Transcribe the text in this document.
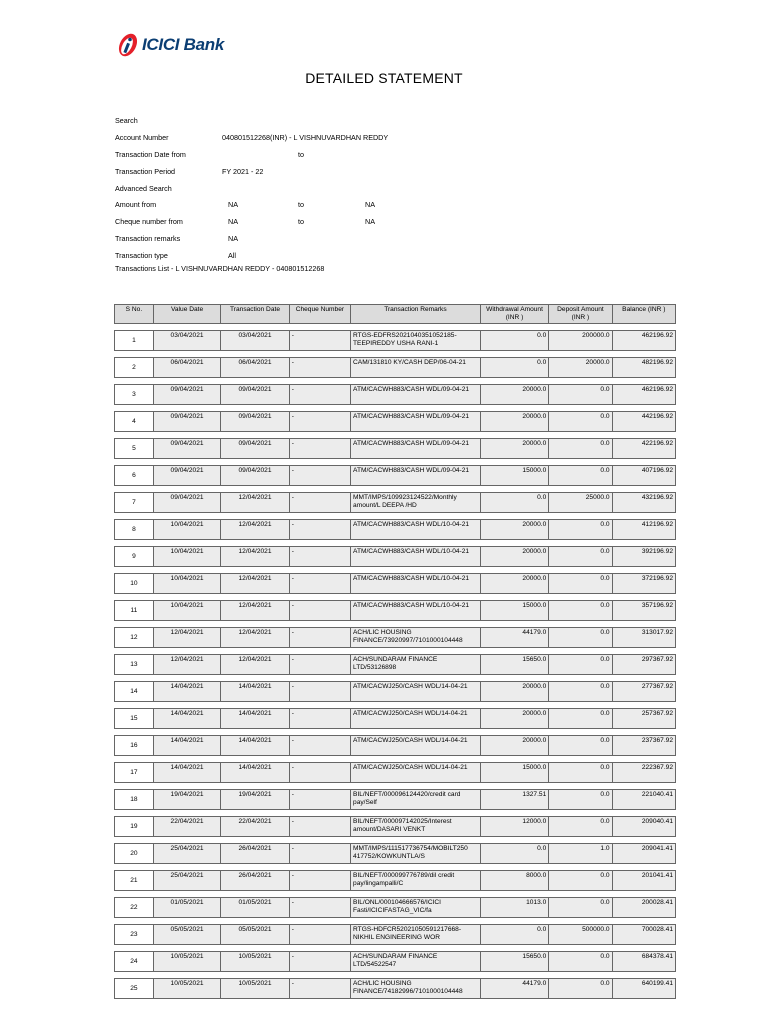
ICICI Bank
DETAILED STATEMENT
Search
Account Number	040801512268(INR) - L VISHNUVARDHAN REDDY
Transaction Date from	to
Transaction Period	FY 2021 - 22
Advanced Search
Amount from	NA	to	NA
Cheque number from	NA	to	NA
Transaction remarks	NA
Transaction type	All
Transactions List - L VISHNUVARDHAN REDDY - 040801512268
S No.	Value Date	Transaction Date	Cheque Number	Transaction Remarks	Withdrawal Amount (INR )	Deposit Amount (INR )	Balance (INR )
1	03/04/2021	03/04/2021	-	RTGS-EDFRS2021040351052185-TEEPIREDDY USHA RANI-1	0.0	200000.0	462196.92
2	06/04/2021	06/04/2021	-	CAM/131810 KY/CASH DEP/06-04-21	0.0	20000.0	482196.92
3	09/04/2021	09/04/2021	-	ATM/CACWH883/CASH WDL/09-04-21	20000.0	0.0	462196.92
4	09/04/2021	09/04/2021	-	ATM/CACWH883/CASH WDL/09-04-21	20000.0	0.0	442196.92
5	09/04/2021	09/04/2021	-	ATM/CACWH883/CASH WDL/09-04-21	20000.0	0.0	422196.92
6	09/04/2021	09/04/2021	-	ATM/CACWH883/CASH WDL/09-04-21	15000.0	0.0	407196.92
7	09/04/2021	12/04/2021	-	MMT/IMPS/109923124522/Monthly amount/L DEEPA /HD	0.0	25000.0	432196.92
8	10/04/2021	12/04/2021	-	ATM/CACWH883/CASH WDL/10-04-21	20000.0	0.0	412196.92
9	10/04/2021	12/04/2021	-	ATM/CACWH883/CASH WDL/10-04-21	20000.0	0.0	392196.92
10	10/04/2021	12/04/2021	-	ATM/CACWH883/CASH WDL/10-04-21	20000.0	0.0	372196.92
11	10/04/2021	12/04/2021	-	ATM/CACWH883/CASH WDL/10-04-21	15000.0	0.0	357196.92
12	12/04/2021	12/04/2021	-	ACH/LIC HOUSING FINANCE/73920997/7101000104448	44179.0	0.0	313017.92
13	12/04/2021	12/04/2021	-	ACH/SUNDARAM FINANCE LTD/53126898	15650.0	0.0	297367.92
14	14/04/2021	14/04/2021	-	ATM/CACWJ250/CASH WDL/14-04-21	20000.0	0.0	277367.92
15	14/04/2021	14/04/2021	-	ATM/CACWJ250/CASH WDL/14-04-21	20000.0	0.0	257367.92
16	14/04/2021	14/04/2021	-	ATM/CACWJ250/CASH WDL/14-04-21	20000.0	0.0	237367.92
17	14/04/2021	14/04/2021	-	ATM/CACWJ250/CASH WDL/14-04-21	15000.0	0.0	222367.92
18	19/04/2021	19/04/2021	-	BIL/NEFT/000096124420/credit card pay/Self	1327.51	0.0	221040.41
19	22/04/2021	22/04/2021	-	BIL/NEFT/000097142025/Interest amount/DASARI VENKT	12000.0	0.0	209040.41
20	25/04/2021	26/04/2021	-	MMT/IMPS/111517736754/MOBILT250 417752/KOWKUNTLA/S	0.0	1.0	209041.41
21	25/04/2021	26/04/2021	-	BIL/NEFT/000099776789/dil credit pay/lingampalli/C	8000.0	0.0	201041.41
22	01/05/2021	01/05/2021	-	BIL/ONL/000104666576/ICICI Fasti/ICICIFASTAG_VIC/fa	1013.0	0.0	200028.41
23	05/05/2021	05/05/2021	-	RTGS-HDFCR52021050591217668-NIKHIL ENGINEERING WOR	0.0	500000.0	700028.41
24	10/05/2021	10/05/2021	-	ACH/SUNDARAM FINANCE LTD/54522547	15650.0	0.0	684378.41
25	10/05/2021	10/05/2021	-	ACH/LIC HOUSING FINANCE/74182996/7101000104448	44179.0	0.0	640199.41
